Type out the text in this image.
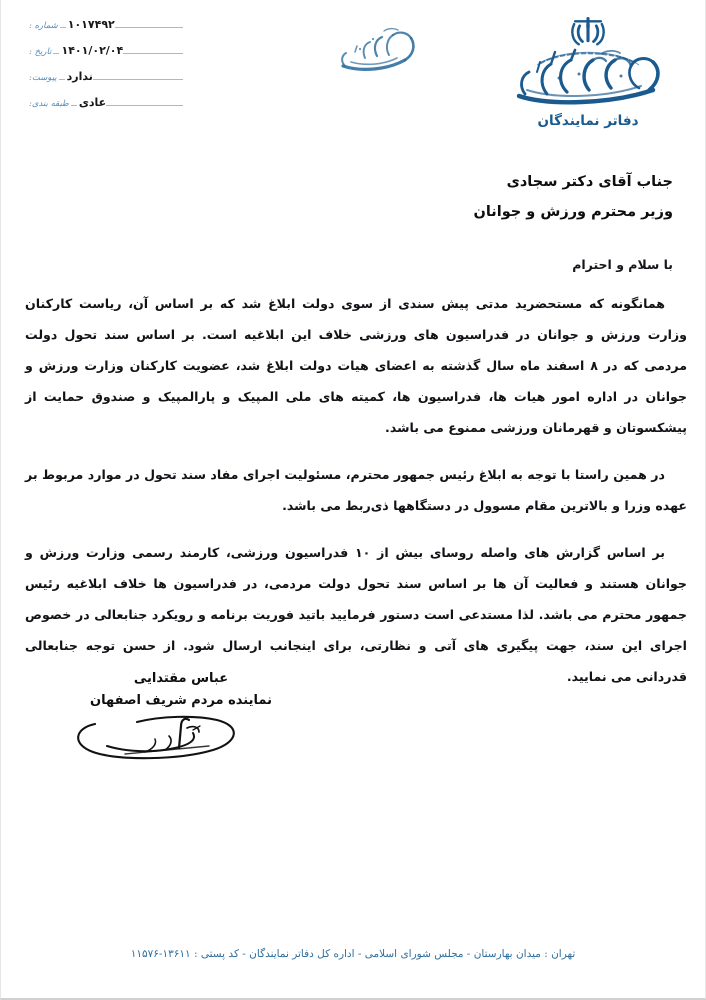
۱۰۱۷۴۹۲
شماره :
۱۴۰۱/۰۲/۰۴
تاریخ :
ندارد
پیوست:
عادی
طبقه بندی:
دفاتر نمایندگان
جناب آقای دکتر سجادی
وزیر محترم ورزش و جوانان
با سلام و احترام

همانگونه که مستحضرید مدتی پیش سندی از سوی دولت ابلاغ شد که بر اساس آن، ریاست کارکنان وزارت ورزش و جوانان در فدراسیون های ورزشی خلاف این ابلاغیه است. بر اساس سند تحول دولت مردمی که در ۸ اسفند ماه سال گذشته به اعضای هیات دولت ابلاغ شد، عضویت کارکنان وزارت ورزش و جوانان در اداره امور هیات ها، فدراسیون ها، کمیته های ملی المپیک و پارالمپیک و صندوق حمایت از پیشکسوتان و قهرمانان ورزشی ممنوع می باشد.

در همین راستا با توجه به ابلاغ رئیس جمهور محترم، مسئولیت اجرای مفاد سند تحول در موارد مربوط بر عهده وزرا و بالاترین مقام مسوول در دستگاهها ذی‌ربط می باشد.

بر اساس گزارش های واصله روسای بیش از ۱۰ فدراسیون ورزشی، کارمند رسمی وزارت ورزش و جوانان هستند و فعالیت آن ها بر اساس سند تحول دولت مردمی، در فدراسیون ها خلاف ابلاغیه رئیس جمهور محترم می باشد. لذا مستدعی است دستور فرمایید باتید فوریت برنامه و رویکرد جنابعالی در خصوص اجرای این سند، جهت پیگیری های آتی و نظارتی، برای اینجانب ارسال شود. از حسن توجه جنابعالی قدردانی می نمایید.

عباس مقتدایی
نماینده مردم شریف اصفهان
تهران : میدان بهارستان - مجلس شورای اسلامی - اداره کل دفاتر نمایندگان - کد پستی : ۱۳۶۱۱-۱۱۵۷۶
